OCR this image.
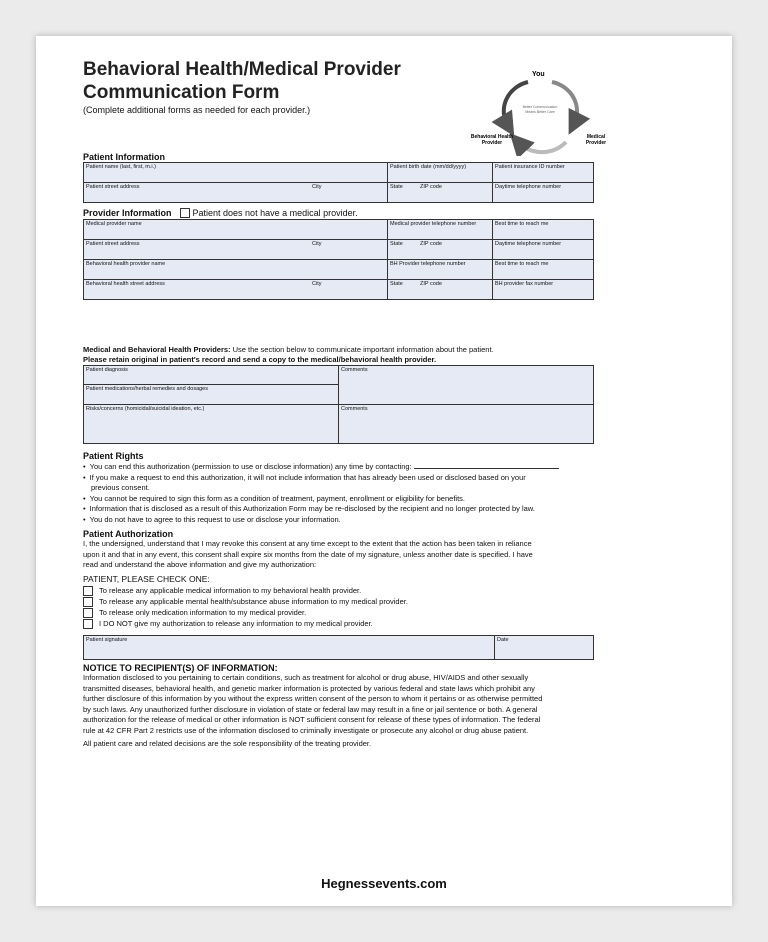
Behavioral Health/Medical Provider
Communication Form
(Complete additional forms as needed for each provider.)
You
Better Communication
Means Better Care
Behavioral Health
Provider
Medical
Provider
Patient Information
Patient name (last, first, m.i.)	Patient birth date (mm/dd/yyyy)	Patient insurance ID number

Patient street address City	State ZIP code	Daytime telephone number
Provider Information Patient does not have a medical provider.
Medical provider name	Medical provider telephone number	Best time to reach me

Patient street address City	State ZIP code	Daytime telephone number

Behavioral health provider name	BH Provider telephone number	Best time to reach me

Behavioral health street address City	State ZIP code	BH provider fax number
Medical and Behavioral Health Providers: Use the section below to communicate important information about the patient.
Please retain original in patient's record and send a copy to the medical/behavioral health provider.
Patient diagnosis	Comments

Patient medications/herbal remedies and dosages	

Risks/concerns (homicidal/suicidal ideation, etc.)	Comments
Patient Rights
• You can end this authorization (permission to use or disclose information) any time by contacting:
• If you make a request to end this authorization, it will not include information that has already been used or disclosed based on your
previous consent.
• You cannot be required to sign this form as a condition of treatment, payment, enrollment or eligibility for benefits.
• Information that is disclosed as a result of this Authorization Form may be re-disclosed by the recipient and no longer protected by law.
• You do not have to agree to this request to use or disclose your information.
Patient Authorization
I, the undersigned, understand that I may revoke this consent at any time except to the extent that the action has been taken in reliance
upon it and that in any event, this consent shall expire six months from the date of my signature, unless another date is specified. I have
read and understand the above information and give my authorization:
PATIENT, PLEASE CHECK ONE:
To release any applicable medical information to my behavioral health provider.
To release any applicable mental health/substance abuse information to my medical provider.
To release only medication information to my medical provider.
I DO NOT give my authorization to release any information to my medical provider.
Patient signature	Date
NOTICE TO RECIPIENT(S) OF INFORMATION:
Information disclosed to you pertaining to certain conditions, such as treatment for alcohol or drug abuse, HIV/AIDS and other sexually
transmitted diseases, behavioral health, and genetic marker information is protected by various federal and state laws which prohibit any
further disclosure of this information by you without the express written consent of the person to whom it pertains or as otherwise permitted
by such laws. Any unauthorized further disclosure in violation of state or federal law may result in a fine or jail sentence or both. A general
authorization for the release of medical or other information is NOT sufficient consent for release of these types of information. The federal
rule at 42 CFR Part 2 restricts use of the information disclosed to criminally investigate or prosecute any alcohol or drug abuse patient.
All patient care and related decisions are the sole responsibility of the treating provider.
Hegnessevents.com
